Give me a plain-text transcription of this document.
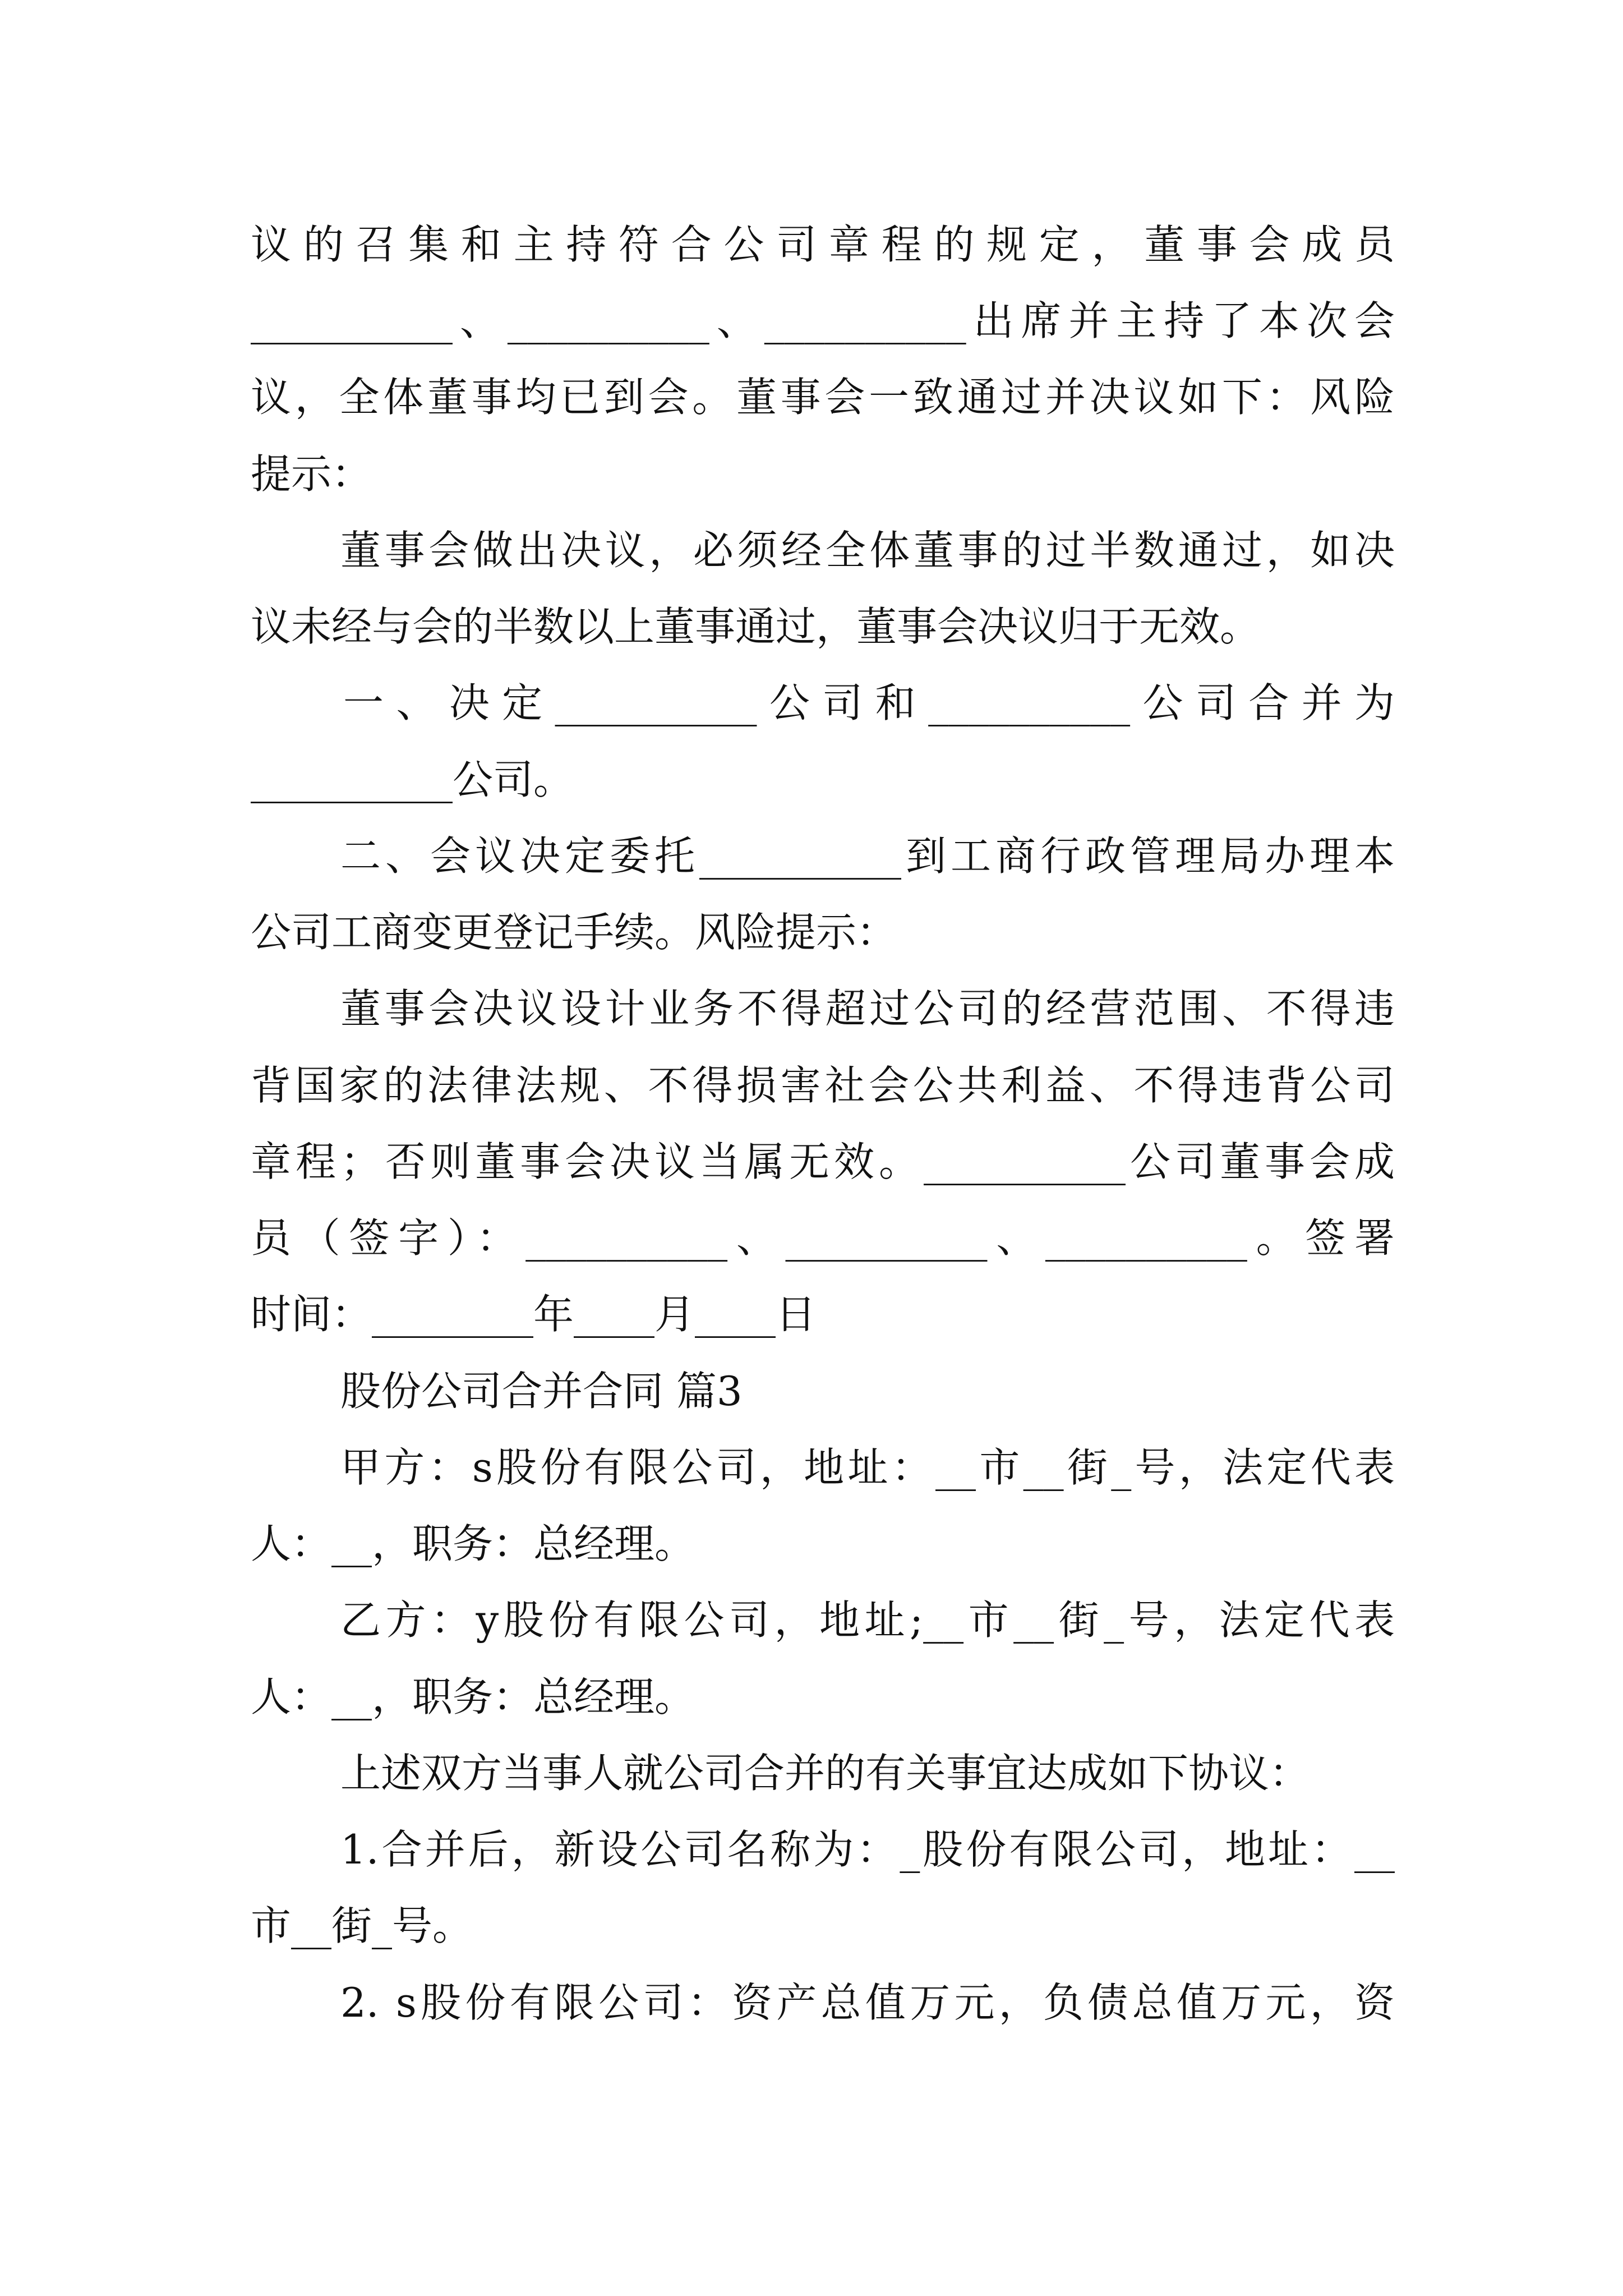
议的召集和主持符合公司章程的规定，董事会成员
__________、__________、__________出席并主持了本次会
议，全体董事均已到会。董事会一致通过并决议如下：风险
提示：
董事会做出决议，必须经全体董事的过半数通过，如决
议未经与会的半数以上董事通过，董事会决议归于无效。
一、决定__________公司和__________公司合并为
__________公司。
二、会议决定委托__________到工商行政管理局办理本
公司工商变更登记手续。风险提示：
董事会决议设计业务不得超过公司的经营范围、不得违
背国家的法律法规、不得损害社会公共利益、不得违背公司
章程；否则董事会决议当属无效。__________公司董事会成
员（签字）：__________、__________、__________。签署
时间：________年____月____日
股份公司合并合同 篇3
甲方：s股份有限公司，地址：__市__街_号，法定代表
人：__，职务：总经理。
乙方：y股份有限公司，地址;__市__街_号，法定代表
人：__，职务：总经理。
上述双方当事人就公司合并的有关事宜达成如下协议：
1.合并后，新设公司名称为：_股份有限公司，地址：__
市__街_号。
2. s股份有限公司：资产总值万元，负债总值万元，资
